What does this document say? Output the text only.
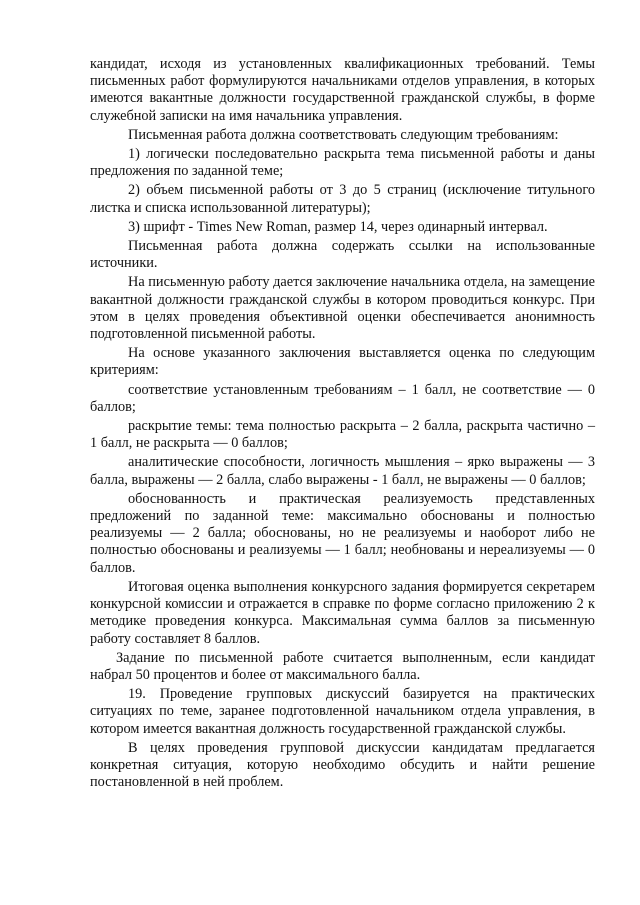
кандидат, исходя из установленных квалификационных требований. Темы письменных работ формулируются начальниками отделов управления, в которых имеются вакантные должности государственной гражданской службы, в форме служебной записки на имя начальника управления.

Письменная работа должна соответствовать следующим требованиям:

1) логически последовательно раскрыта тема письменной работы и даны предложения по заданной теме;

2) объем письменной работы от 3 до 5 страниц (исключение титульного листка и списка использованной литературы);

3) шрифт - Times New Roman, размер 14, через одинарный интервал.

Письменная работа должна содержать ссылки на использованные источники.

На письменную работу дается заключение начальника отдела, на замещение вакантной должности гражданской службы в котором проводиться конкурс. При этом в целях проведения объективной оценки обеспечивается анонимность подготовленной письменной работы.

На основе указанного заключения выставляется оценка по следующим критериям:

соответствие установленным требованиям – 1 балл, не соответствие — 0 баллов;

раскрытие темы: тема полностью раскрыта – 2 балла, раскрыта частично – 1 балл, не раскрыта — 0 баллов;

аналитические способности, логичность мышления – ярко выражены — 3 балла, выражены — 2 балла, слабо выражены - 1 балл, не выражены — 0 баллов;

обоснованность и практическая реализуемость представленных предложений по заданной теме: максимально обоснованы и полностью реализуемы — 2 балла; обоснованы, но не реализуемы и наоборот либо не полностью обоснованы и реализуемы — 1 балл; необнованы и нереализуемы — 0 баллов.

Итоговая оценка выполнения конкурсного задания формируется секретарем конкурсной комиссии и отражается в справке по форме согласно приложению 2 к методике проведения конкурса. Максимальная сумма баллов за письменную работу составляет 8 баллов.

Задание по письменной работе считается выполненным, если кандидат набрал 50 процентов и более от максимального балла.

19. Проведение групповых дискуссий базируется на практических ситуациях по теме, заранее подготовленной начальником отдела управления, в котором имеется вакантная должность государственной гражданской службы.

В целях проведения групповой дискуссии кандидатам предлагается конкретная ситуация, которую необходимо обсудить и найти решение постановленной в ней проблем.
